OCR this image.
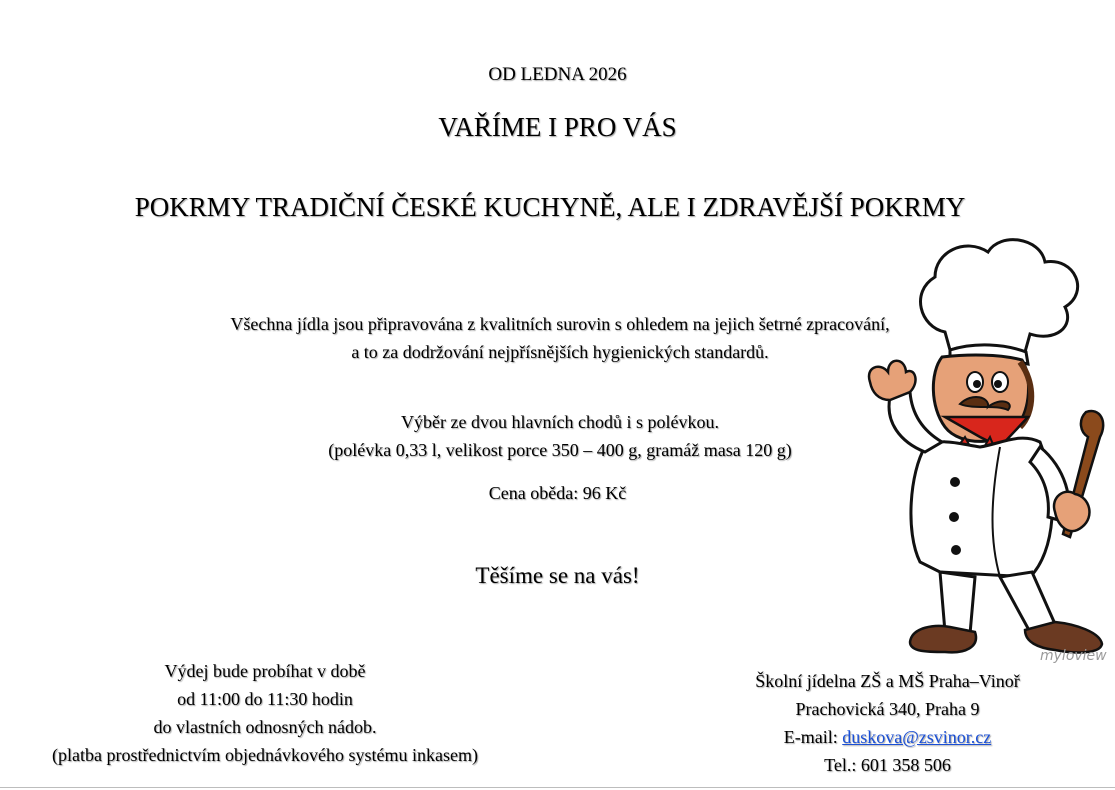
OD LEDNA 2026
VAŘÍME I PRO VÁS
POKRMY TRADIČNÍ ČESKÉ KUCHYNĚ, ALE I ZDRAVĚJŠÍ POKRMY
Všechna jídla jsou připravována z kvalitních surovin s ohledem na jejich šetrné zpracování,
a to za dodržování nejpřísnějších hygienických standardů.
Výběr ze dvou hlavních chodů i s polévkou.
(polévka 0,33 l, velikost porce 350 – 400 g, gramáž masa 120 g)
Cena oběda: 96 Kč
Těšíme se na vás!
Výdej bude probíhat v době
od 11:00 do 11:30 hodin
do vlastních odnosných nádob.
(platba prostřednictvím objednávkového systému inkasem)
Školní jídelna ZŠ a MŠ Praha–Vinoř
Prachovická 340, Praha 9
E-mail: duskova@zsvinor.cz
Tel.: 601 358 506
myloview
